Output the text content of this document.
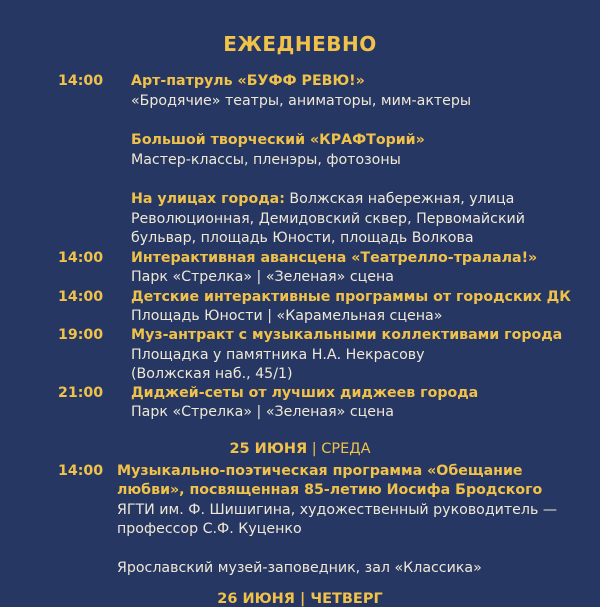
ЕЖЕДНЕВНО
14:00 Арт-патруль «БУФФ РЕВЮ!»
«Бродячие» театры, аниматоры, мим-актеры
Большой творческий «КРАФТорий»
Мастер-классы, пленэры, фотозоны
На улицах города: Волжская набережная, улица
Революционная, Демидовский сквер, Первомайский
бульвар, площадь Юности, площадь Волкова
14:00 Интерактивная авансцена «Театрелло-тралала!»
Парк «Стрелка» | «Зеленая» сцена
14:00 Детские интерактивные программы от городских ДК
Площадь Юности | «Карамельная сцена»
19:00 Муз-антракт с музыкальными коллективами города
Площадка у памятника Н.А. Некрасову
(Волжская наб., 45/1)
21:00 Диджей-сеты от лучших диджеев города
Парк «Стрелка» | «Зеленая» сцена
25 ИЮНЯ | СРЕДА
14:00 Музыкально-поэтическая программа «Обещание
любви», посвященная 85-летию Иосифа Бродского
ЯГТИ им. Ф. Шишигина, художественный руководитель —
профессор С.Ф. Куценко
Ярославский музей-заповедник, зал «Классика»
26 ИЮНЯ | ЧЕТВЕРГ
